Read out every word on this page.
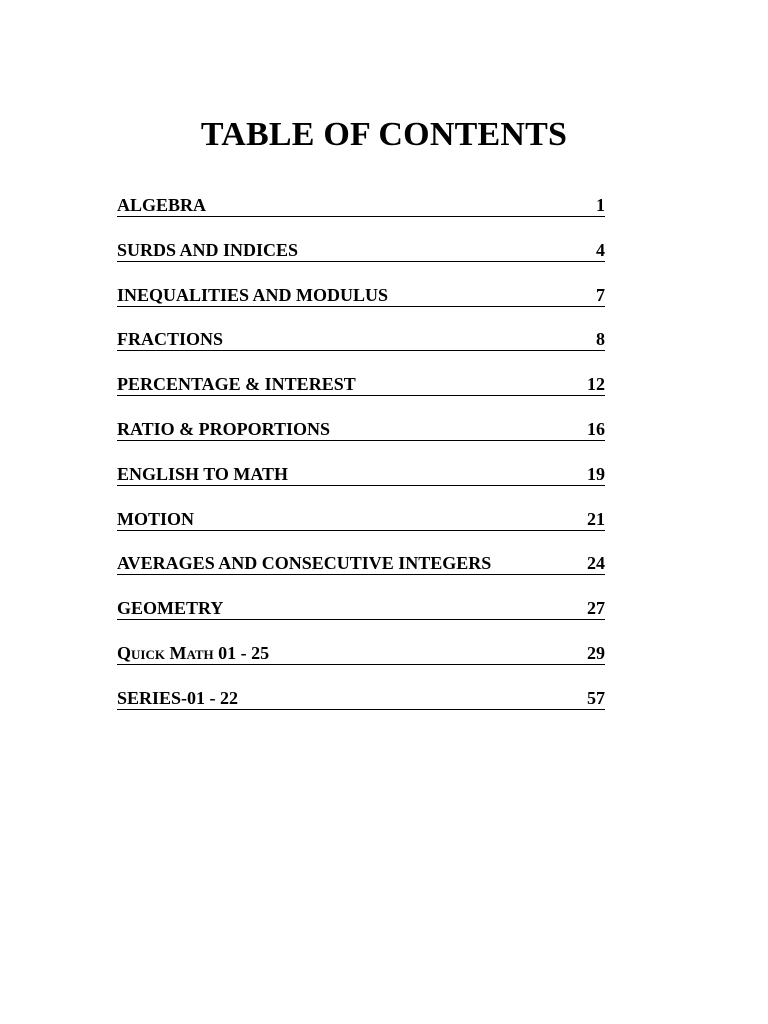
TABLE OF CONTENTS
ALGEBRA	1
SURDS AND INDICES	4
INEQUALITIES AND MODULUS	7
FRACTIONS	8
PERCENTAGE & INTEREST	12
RATIO & PROPORTIONS	16
ENGLISH TO MATH	19
MOTION	21
AVERAGES AND CONSECUTIVE INTEGERS	24
GEOMETRY	27
Quick Math 01 - 25	29
SERIES-01 - 22	57
